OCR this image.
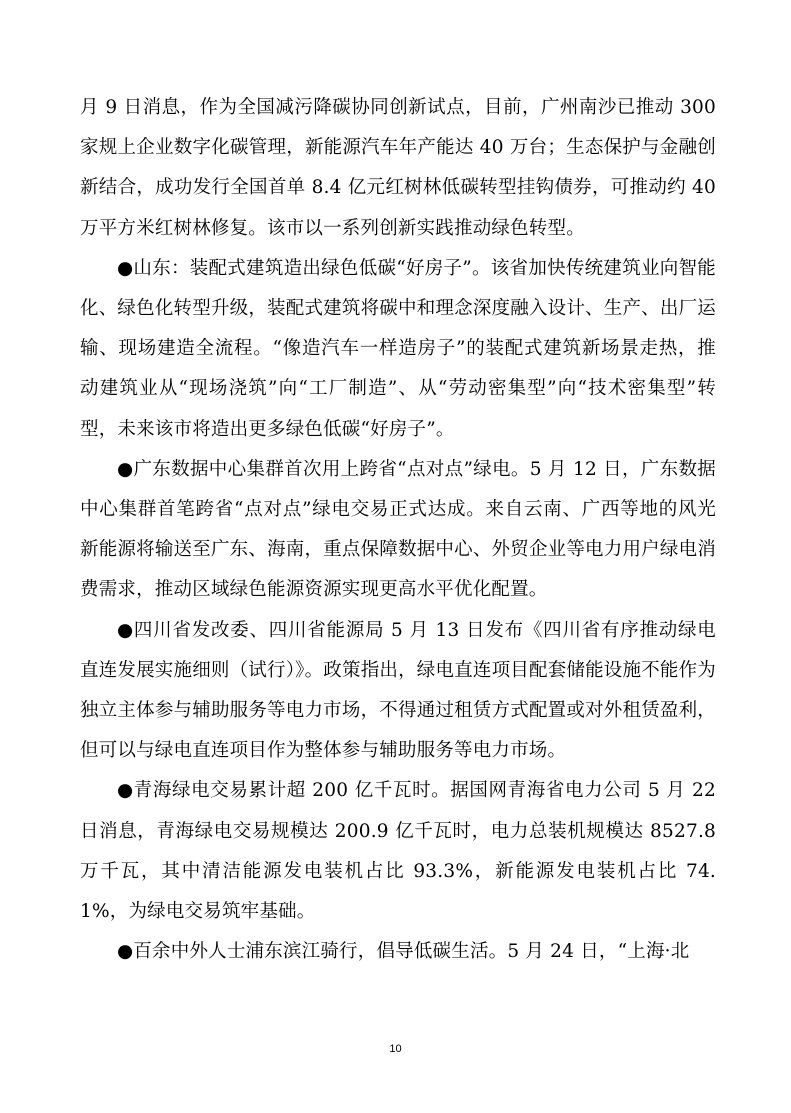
月 9 日消息，作为全国减污降碳协同创新试点，目前，广州南沙已推动 300 家规上企业数字化碳管理，新能源汽车年产能达 40 万台；生态保护与金融创新结合，成功发行全国首单 8.4 亿元红树林低碳转型挂钩债券，可推动约 40 万平方米红树林修复。该市以一系列创新实践推动绿色转型。

●山东：装配式建筑造出绿色低碳“好房子”。该省加快传统建筑业向智能化、绿色化转型升级，装配式建筑将碳中和理念深度融入设计、生产、出厂运输、现场建造全流程。“像造汽车一样造房子”的装配式建筑新场景走热，推动建筑业从“现场浇筑”向“工厂制造”、从“劳动密集型”向“技术密集型”转型，未来该市将造出更多绿色低碳“好房子”。

●广东数据中心集群首次用上跨省“点对点”绿电。5 月 12 日，广东数据中心集群首笔跨省“点对点”绿电交易正式达成。来自云南、广西等地的风光新能源将输送至广东、海南，重点保障数据中心、外贸企业等电力用户绿电消费需求，推动区域绿色能源资源实现更高水平优化配置。

●四川省发改委、四川省能源局 5 月 13 日发布《四川省有序推动绿电直连发展实施细则（试行）》。政策指出，绿电直连项目配套储能设施不能作为独立主体参与辅助服务等电力市场，不得通过租赁方式配置或对外租赁盈利，但可以与绿电直连项目作为整体参与辅助服务等电力市场。

●青海绿电交易累计超 200 亿千瓦时。据国网青海省电力公司 5 月 22 日消息，青海绿电交易规模达 200.9 亿千瓦时，电力总装机规模达 8527.8 万千瓦，其中清洁能源发电装机占比 93.3%，新能源发电装机占比 74.1%，为绿电交易筑牢基础。

●百余中外人士浦东滨江骑行，倡导低碳生活。5 月 24 日，“上海·北

10
